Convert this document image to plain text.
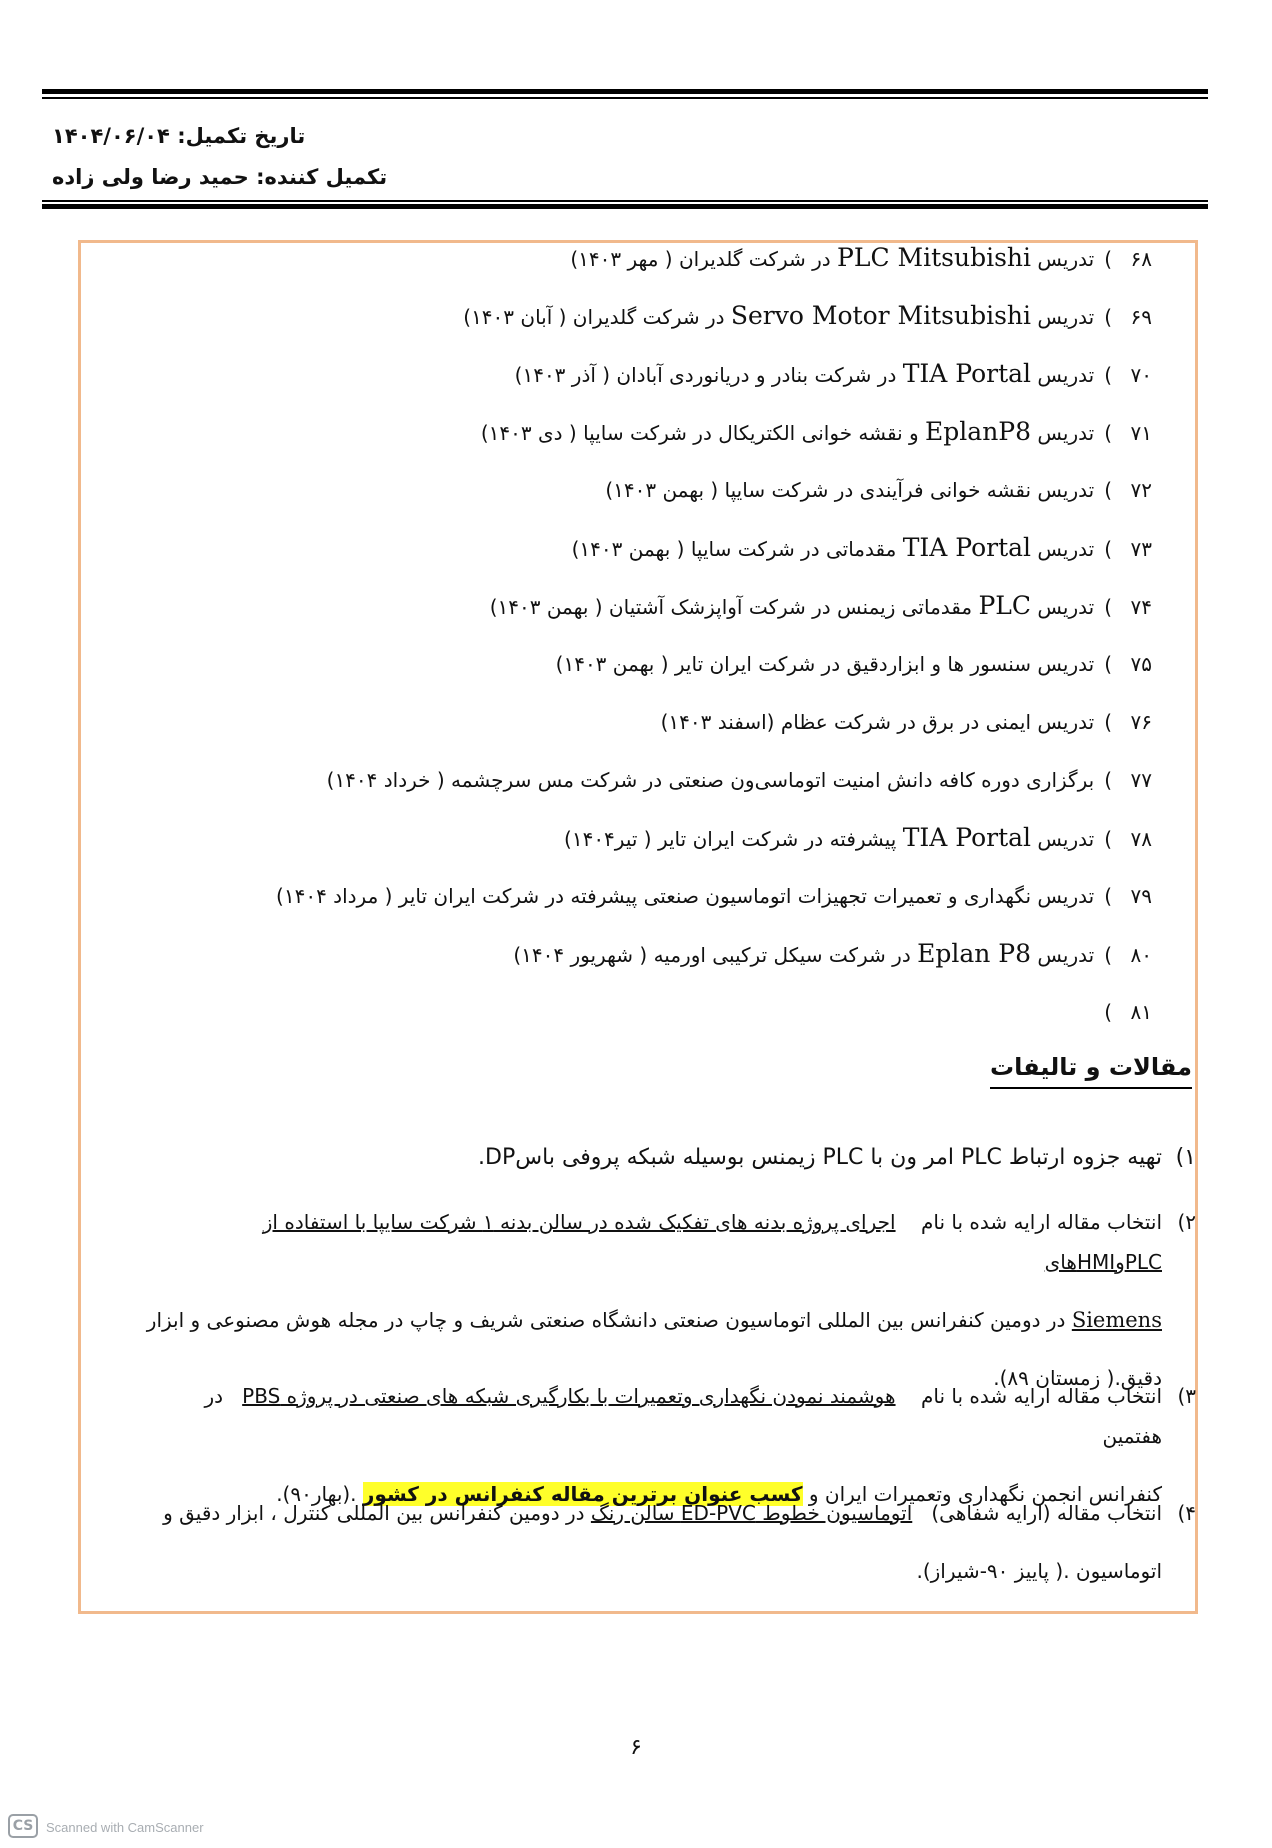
تاریخ تکمیل: ۱۴۰۴/۰۶/۰۴
تکمیل کننده: حمید رضا ولی زاده
۶۸)تدریس PLC Mitsubishi در شرکت گلدیران ( مهر ۱۴۰۳)
۶۹)تدریس Servo Motor Mitsubishi در شرکت گلدیران ( آبان ۱۴۰۳)
۷۰)تدریس TIA Portal در شرکت بنادر و دریانوردی آبادان ( آذر ۱۴۰۳)
۷۱)تدریس EplanP8 و نقشه خوانی الکتریکال در شرکت سایپا ( دی ۱۴۰۳)
۷۲)تدریس نقشه خوانی فرآیندی در شرکت سایپا ( بهمن ۱۴۰۳)
۷۳)تدریس TIA Portal مقدماتی در شرکت سایپا ( بهمن ۱۴۰۳)
۷۴)تدریس PLC مقدماتی زیمنس در شرکت آواپزشک آشتیان ( بهمن ۱۴۰۳)
۷۵)تدریس سنسور ها و ابزاردقیق در شرکت ایران تایر ( بهمن ۱۴۰۳)
۷۶)تدریس ایمنی در برق در شرکت عظام (اسفند ۱۴۰۳)
۷۷)برگزاری دوره کافه دانش امنیت اتوماسی‌ون صنعتی در شرکت مس سرچشمه ( خرداد ۱۴۰۴)
۷۸)تدریس TIA Portal پیشرفته در شرکت ایران تایر ( تیر۱۴۰۴)
۷۹)تدریس نگهداری و تعمیرات تجهیزات اتوماسیون صنعتی پیشرفته در شرکت ایران تایر ( مرداد ۱۴۰۴)
۸۰)تدریس Eplan P8 در شرکت سیکل ترکیبی اورمیه ( شهریور ۱۴۰۴)
۸۱)
مقالات و تالیفات
۱)
تهیه جزوه ارتباط PLC امر ون با PLC زیمنس بوسیله شبکه پروفی باسDP.
۲)
انتخاب مقاله ارایه شده با نام    اجرای پروژه بدنه های تفکیک شده در سالن بدنه ۱ شرکت سایپا با استفاده از PLCوHMIهای
Siemens در دومین کنفرانس بین المللی اتوماسیون صنعتی دانشگاه صنعتی شریف و چاپ در مجله هوش مصنوعی و ابزار
دقیق.( زمستان ۸۹).
۳)
انتخاب مقاله ارایه شده با نام    هوشمند نمودن نگهداری وتعمیرات با بکارگیری شبکه های صنعتی در پروژه PBS   در هفتمین
کنفرانس انجمن نگهداری وتعمیرات ایران و کسب عنوان برترین مقاله کنفرانس در کشور .(بهار۹۰).
۴)
انتخاب مقاله (ارایه شفاهی)   اتوماسیون خطوط ED-PVC سالن رنگ در دومین کنفرانس بین المللی کنترل ، ابزار دقیق و
اتوماسیون .( پاییز ۹۰-شیراز).
۶
CS Scanned with CamScanner
